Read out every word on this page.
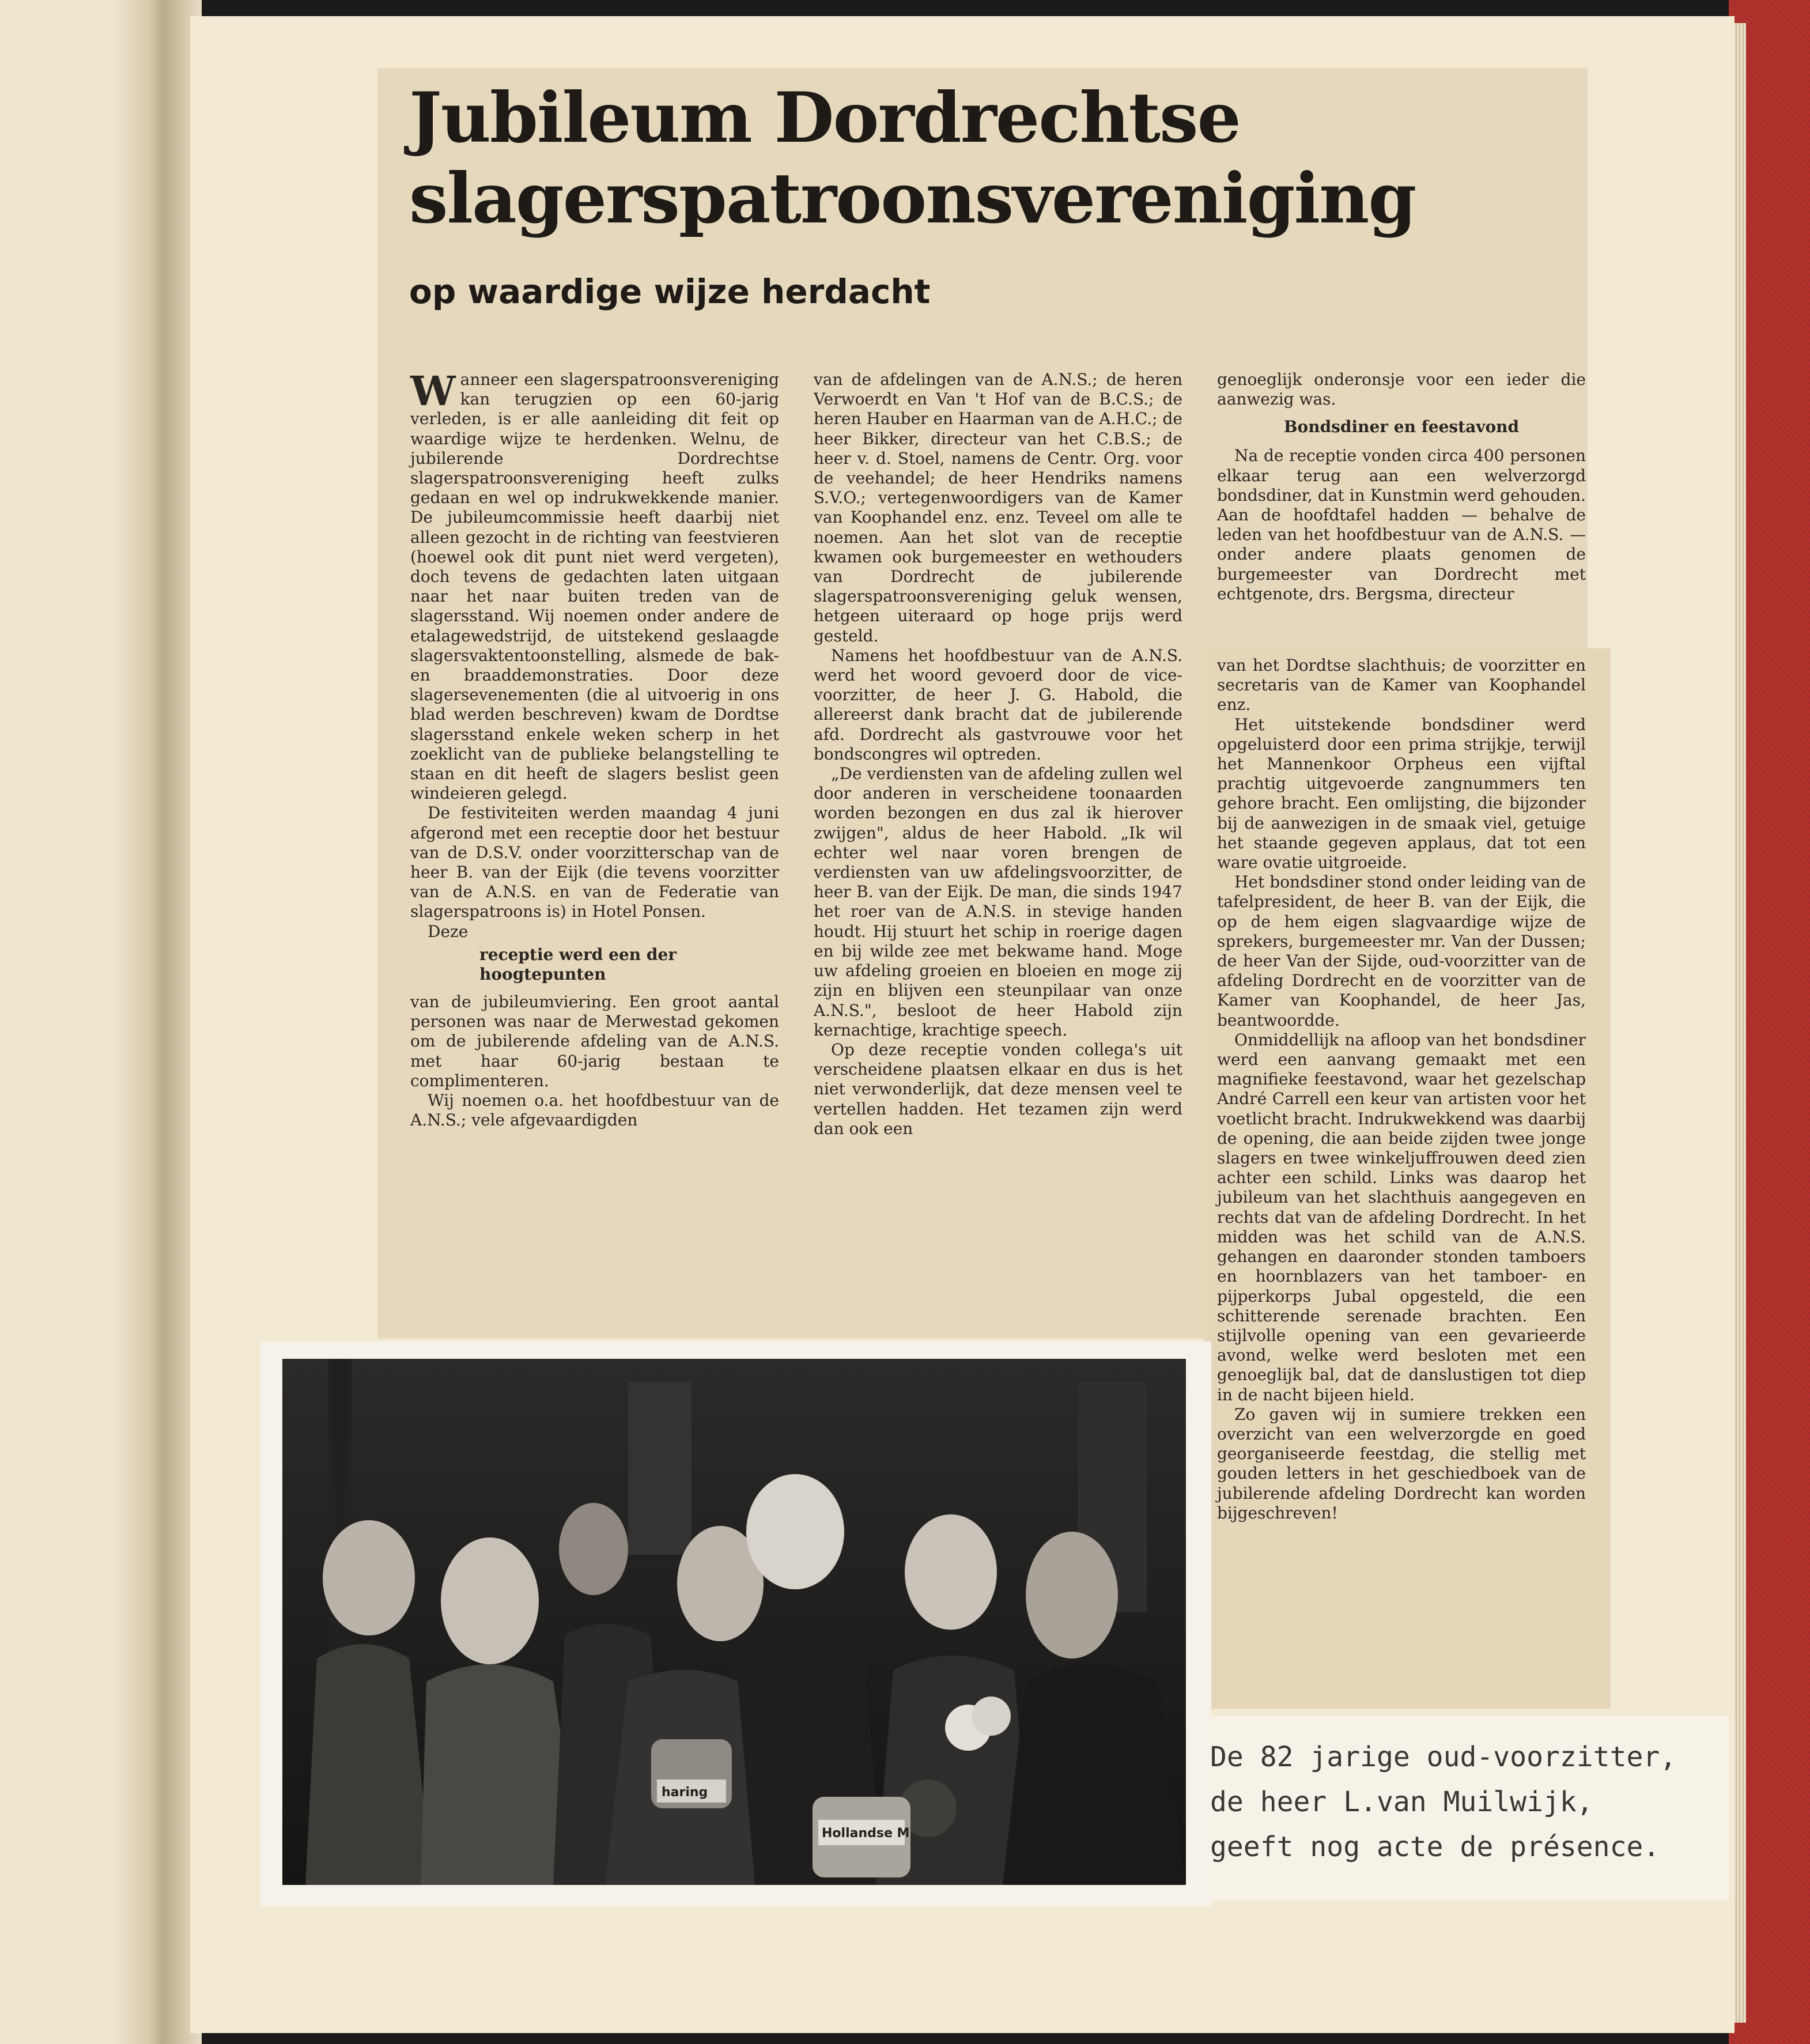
Jubileum Dordrechtse
slagerspatroonsvereniging
op waardige wijze herdacht

Wanneer een slagerspatroonsvereniging kan terugzien op een 60-jarig verleden, is er alle aanleiding dit feit op waardige wijze te herdenken. Welnu, de jubilerende Dordrechtse slagerspatroonsvereniging heeft zulks gedaan en wel op indrukwekkende manier. De jubileumcommissie heeft daarbij niet alleen gezocht in de richting van feestvieren (hoewel ook dit punt niet werd vergeten), doch tevens de gedachten laten uitgaan naar het naar buiten treden van de slagersstand. Wij noemen onder andere de etalagewedstrijd, de uitstekend geslaagde slagersvaktentoonstelling, alsmede de bak- en braaddemonstraties. Door deze slagersevenementen (die al uitvoerig in ons blad werden beschreven) kwam de Dordtse slagersstand enkele weken scherp in het zoeklicht van de publieke belangstelling te staan en dit heeft de slagers beslist geen windeieren gelegd.

De festiviteiten werden maandag 4 juni afgerond met een receptie door het bestuur van de D.S.V. onder voorzitterschap van de heer B. van der Eijk (die tevens voorzitter van de A.N.S. en van de Federatie van slagerspatroons is) in Hotel Ponsen.

Deze

receptie werd een der hoogtepunten

van de jubileumviering. Een groot aantal personen was naar de Merwestad gekomen om de jubilerende afdeling van de A.N.S. met haar 60-jarig bestaan te complimenteren.

Wij noemen o.a. het hoofdbestuur van de A.N.S.; vele afgevaardigden

van de afdelingen van de A.N.S.; de heren Verwoerdt en Van 't Hof van de B.C.S.; de heren Hauber en Haarman van de A.H.C.; de heer Bikker, directeur van het C.B.S.; de heer v. d. Stoel, namens de Centr. Org. voor de veehandel; de heer Hendriks namens S.V.O.; vertegenwoordigers van de Kamer van Koophandel enz. enz. Teveel om alle te noemen. Aan het slot van de receptie kwamen ook burgemeester en wethouders van Dordrecht de jubilerende slagerspatroonsvereniging geluk wensen, hetgeen uiteraard op hoge prijs werd gesteld.

Namens het hoofdbestuur van de A.N.S. werd het woord gevoerd door de vice-voorzitter, de heer J. G. Habold, die allereerst dank bracht dat de jubilerende afd. Dordrecht als gastvrouwe voor het bondscongres wil optreden.

„De verdiensten van de afdeling zullen wel door anderen in verscheidene toonaarden worden bezongen en dus zal ik hierover zwijgen", aldus de heer Habold. „Ik wil echter wel naar voren brengen de verdiensten van uw afdelingsvoorzitter, de heer B. van der Eijk. De man, die sinds 1947 het roer van de A.N.S. in stevige handen houdt. Hij stuurt het schip in roerige dagen en bij wilde zee met bekwame hand. Moge uw afdeling groeien en bloeien en moge zij zijn en blijven een steunpilaar van onze A.N.S.", besloot de heer Habold zijn kernachtige, krachtige speech.

Op deze receptie vonden collega's uit verscheidene plaatsen elkaar en dus is het niet verwonderlijk, dat deze mensen veel te vertellen hadden. Het tezamen zijn werd dan ook een

genoeglijk onderonsje voor een ieder die aanwezig was.

Bondsdiner en feestavond

Na de receptie vonden circa 400 personen elkaar terug aan een welverzorgd bondsdiner, dat in Kunstmin werd gehouden. Aan de hoofdtafel hadden — behalve de leden van het hoofdbestuur van de A.N.S. — onder andere plaats genomen de burgemeester van Dordrecht met echtgenote, drs. Bergsma, directeur

van het Dordtse slachthuis; de voorzitter en secretaris van de Kamer van Koophandel enz.

Het uitstekende bondsdiner werd opgeluisterd door een prima strijkje, terwijl het Mannenkoor Orpheus een vijftal prachtig uitgevoerde zangnummers ten gehore bracht. Een omlijsting, die bijzonder bij de aanwezigen in de smaak viel, getuige het staande gegeven applaus, dat tot een ware ovatie uitgroeide.

Het bondsdiner stond onder leiding van de tafelpresident, de heer B. van der Eijk, die op de hem eigen slagvaardige wijze de sprekers, burgemeester mr. Van der Dussen; de heer Van der Sijde, oud-voorzitter van de afdeling Dordrecht en de voorzitter van de Kamer van Koophandel, de heer Jas, beantwoordde.

Onmiddellijk na afloop van het bondsdiner werd een aanvang gemaakt met een magnifieke feestavond, waar het gezelschap André Carrell een keur van artisten voor het voetlicht bracht. Indrukwekkend was daarbij de opening, die aan beide zijden twee jonge slagers en twee winkeljuffrouwen deed zien achter een schild. Links was daarop het jubileum van het slachthuis aangegeven en rechts dat van de afdeling Dordrecht. In het midden was het schild van de A.N.S. gehangen en daaronder stonden tamboers en hoornblazers van het tamboer- en pijperkorps Jubal opgesteld, die een schitterende serenade brachten. Een stijlvolle opening van een gevarieerde avond, welke werd besloten met een genoeglijk bal, dat de danslustigen tot diep in de nacht bijeen hield.

Zo gaven wij in sumiere trekken een overzicht van een welverzorgde en goed georganiseerde feestdag, die stellig met gouden letters in het geschiedboek van de jubilerende afdeling Dordrecht kan worden bijgeschreven!

haring
Hollandse M

De 82 jarige oud-voorzitter,
de heer L.van Muilwijk,
geeft nog acte de présence.
